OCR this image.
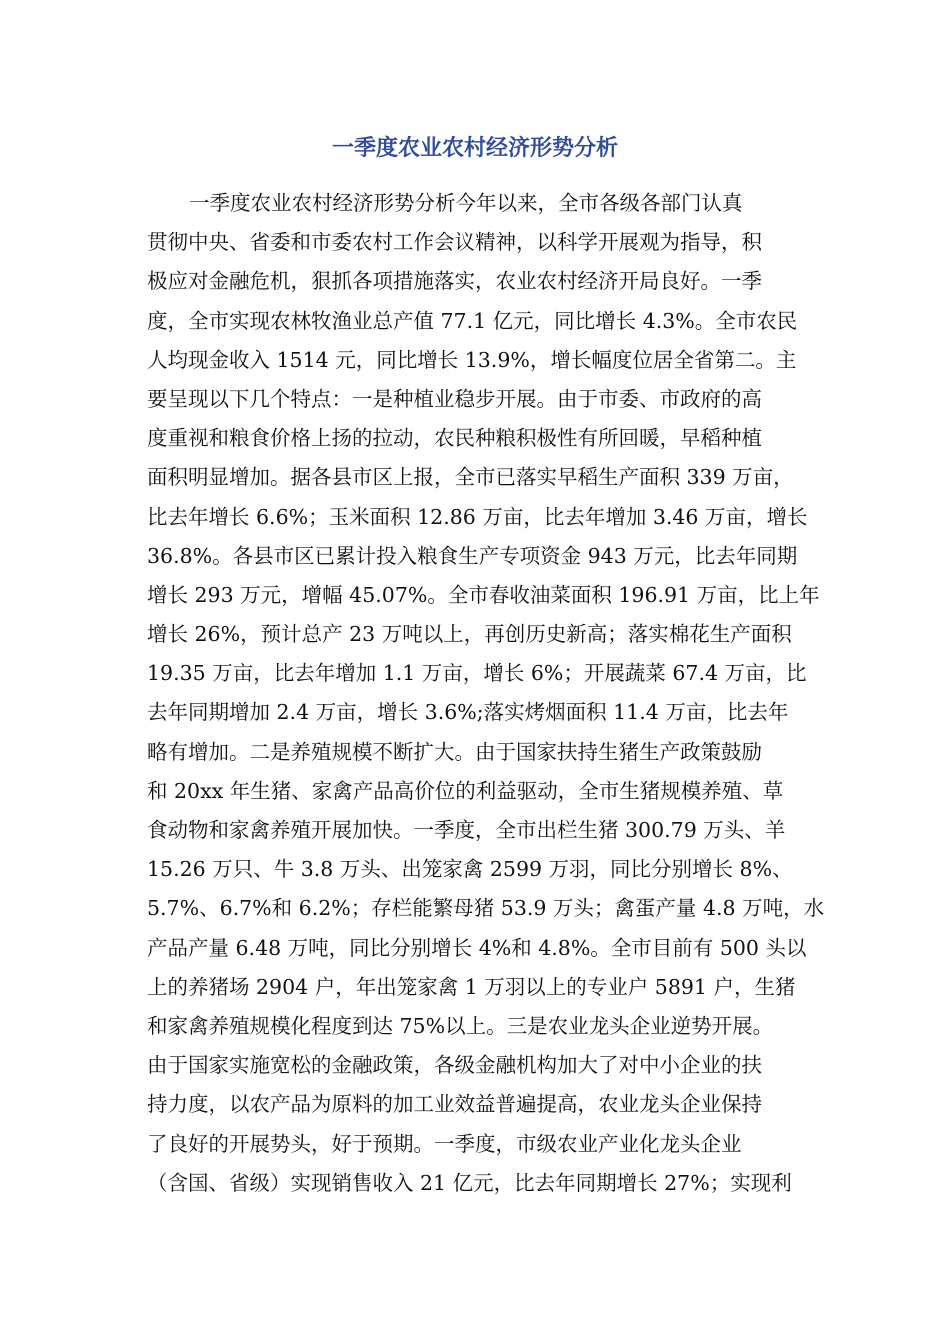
一季度农业农村经济形势分析
一季度农业农村经济形势分析今年以来，全市各级各部门认真
贯彻中央、省委和市委农村工作会议精神，以科学开展观为指导，积
极应对金融危机，狠抓各项措施落实，农业农村经济开局良好。一季
度，全市实现农林牧渔业总产值 77.1 亿元，同比增长 4.3%。全市农民
人均现金收入 1514 元，同比增长 13.9%，增长幅度位居全省第二。主
要呈现以下几个特点：一是种植业稳步开展。由于市委、市政府的高
度重视和粮食价格上扬的拉动，农民种粮积极性有所回暖，早稻种植
面积明显增加。据各县市区上报，全市已落实早稻生产面积 339 万亩，
比去年增长 6.6%；玉米面积 12.86 万亩，比去年增加 3.46 万亩，增长
36.8%。各县市区已累计投入粮食生产专项资金 943 万元，比去年同期
增长 293 万元，增幅 45.07%。全市春收油菜面积 196.91 万亩，比上年
增长 26%，预计总产 23 万吨以上，再创历史新高；落实棉花生产面积
19.35 万亩，比去年增加 1.1 万亩，增长 6%；开展蔬菜 67.4 万亩，比
去年同期增加 2.4 万亩，增长 3.6%;落实烤烟面积 11.4 万亩，比去年
略有增加。二是养殖规模不断扩大。由于国家扶持生猪生产政策鼓励
和 20xx 年生猪、家禽产品高价位的利益驱动，全市生猪规模养殖、草
食动物和家禽养殖开展加快。一季度，全市出栏生猪 300.79 万头、羊
15.26 万只、牛 3.8 万头、出笼家禽 2599 万羽，同比分别增长 8%、
5.7%、6.7%和 6.2%；存栏能繁母猪 53.9 万头；禽蛋产量 4.8 万吨，水
产品产量 6.48 万吨，同比分别增长 4%和 4.8%。全市目前有 500 头以
上的养猪场 2904 户，年出笼家禽 1 万羽以上的专业户 5891 户，生猪
和家禽养殖规模化程度到达 75%以上。三是农业龙头企业逆势开展。
由于国家实施宽松的金融政策，各级金融机构加大了对中小企业的扶
持力度，以农产品为原料的加工业效益普遍提高，农业龙头企业保持
了良好的开展势头，好于预期。一季度，市级农业产业化龙头企业
（含国、省级）实现销售收入 21 亿元，比去年同期增长 27%；实现利
